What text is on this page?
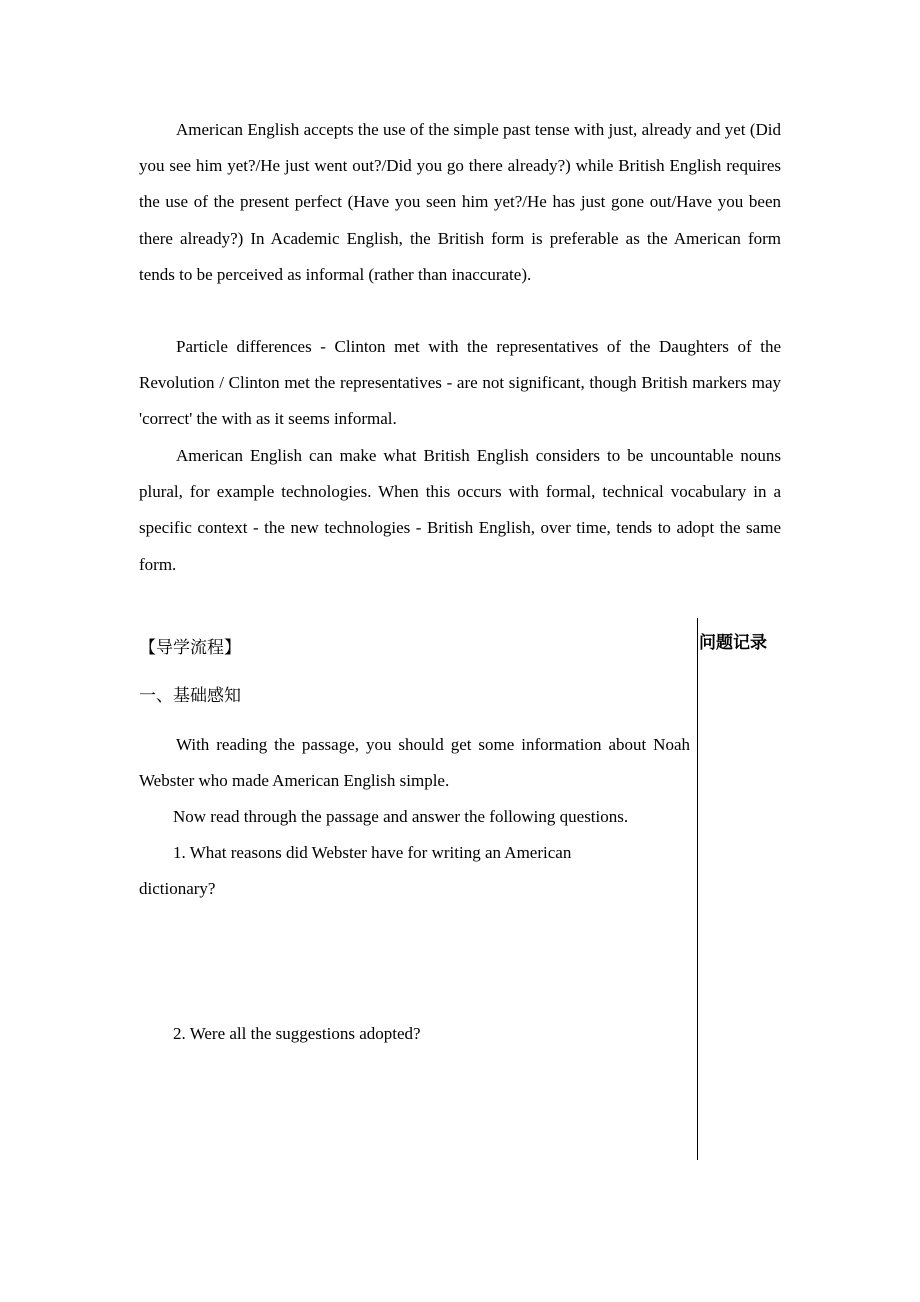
American English accepts the use of the simple past tense with just, already and yet (Did you see him yet?/He just went out?/Did you go there already?) while British English requires the use of the present perfect (Have you seen him yet?/He has just gone out/Have you been there already?) In Academic English, the British form is preferable as the American form tends to be perceived as informal (rather than inaccurate).

Particle differences - Clinton met with the representatives of the Daughters of the Revolution / Clinton met the representatives - are not significant, though British markers may 'correct' the with as it seems informal.

American English can make what British English considers to be uncountable nouns plural, for example technologies. When this occurs with formal, technical vocabulary in a specific context - the new technologies - British English, over time, tends to adopt the same form.

问题记录

【导学流程】

一、基础感知

With reading the passage, you should get some information about Noah Webster who made American English simple.

Now read through the passage and answer the following questions.

1. What reasons did Webster have for writing an American

dictionary?

2. Were all the suggestions adopted?
